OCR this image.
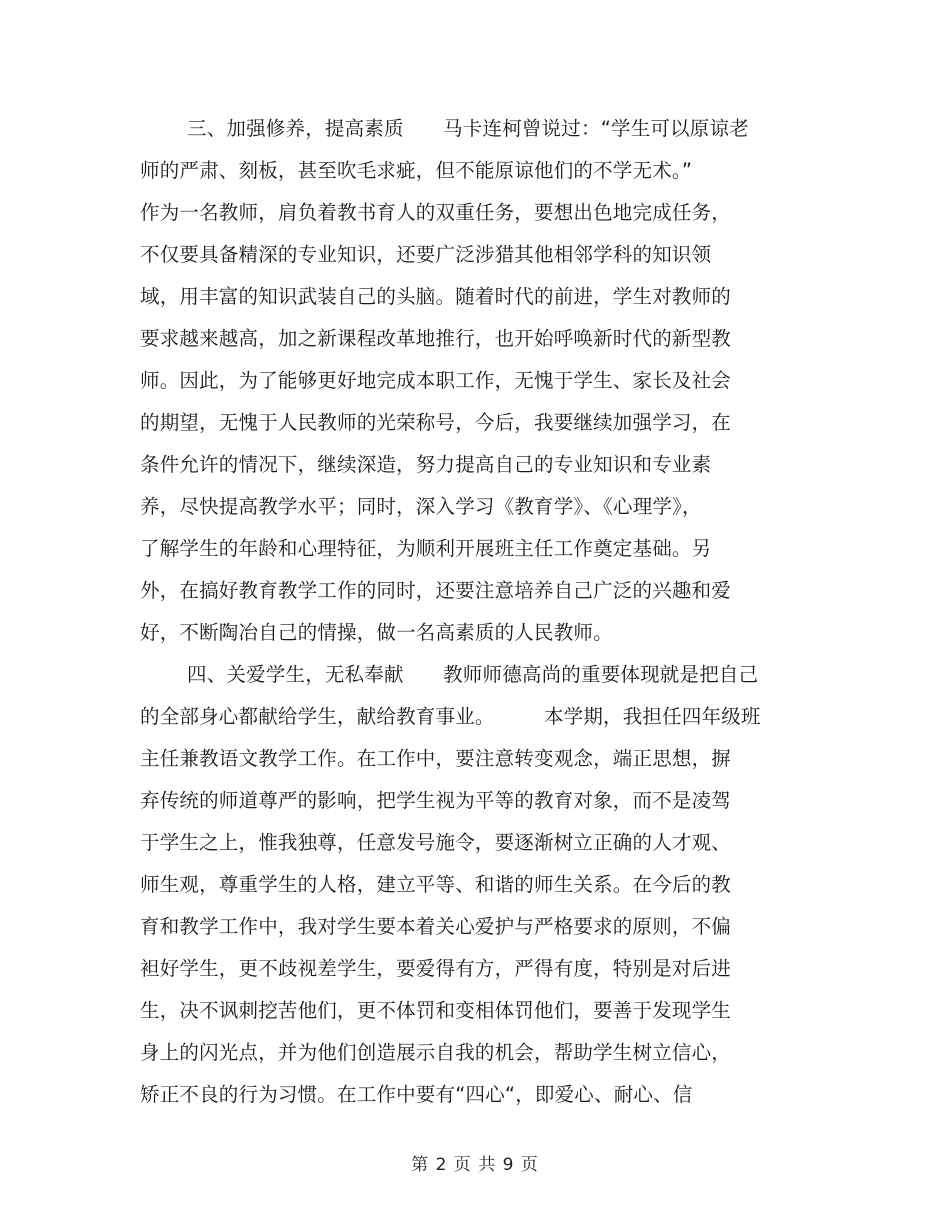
三、加强修养，提高素质　　马卡连柯曾说过：“学生可以原谅老
师的严肃、刻板，甚至吹毛求疵，但不能原谅他们的不学无术。”
作为一名教师，肩负着教书育人的双重任务，要想出色地完成任务，
不仅要具备精深的专业知识，还要广泛涉猎其他相邻学科的知识领
域，用丰富的知识武装自己的头脑。随着时代的前进，学生对教师的
要求越来越高，加之新课程改革地推行，也开始呼唤新时代的新型教
师。因此，为了能够更好地完成本职工作，无愧于学生、家长及社会
的期望，无愧于人民教师的光荣称号，今后，我要继续加强学习，在
条件允许的情况下，继续深造，努力提高自己的专业知识和专业素
养，尽快提高教学水平；同时，深入学习《教育学》、《心理学》，
了解学生的年龄和心理特征，为顺利开展班主任工作奠定基础。另
外，在搞好教育教学工作的同时，还要注意培养自己广泛的兴趣和爱
好，不断陶冶自己的情操，做一名高素质的人民教师。
四、关爱学生，无私奉献　　教师师德高尚的重要体现就是把自己
的全部身心都献给学生，献给教育事业。　　　本学期，我担任四年级班
主任兼教语文教学工作。在工作中，要注意转变观念，端正思想，摒
弃传统的师道尊严的影响，把学生视为平等的教育对象，而不是凌驾
于学生之上，惟我独尊，任意发号施令，要逐渐树立正确的人才观、
师生观，尊重学生的人格，建立平等、和谐的师生关系。在今后的教
育和教学工作中，我对学生要本着关心爱护与严格要求的原则，不偏
袒好学生，更不歧视差学生，要爱得有方，严得有度，特别是对后进
生，决不讽刺挖苦他们，更不体罚和变相体罚他们，要善于发现学生
身上的闪光点，并为他们创造展示自我的机会，帮助学生树立信心，
矫正不良的行为习惯。在工作中要有“四心“，即爱心、耐心、信
第 2 页 共 9 页
